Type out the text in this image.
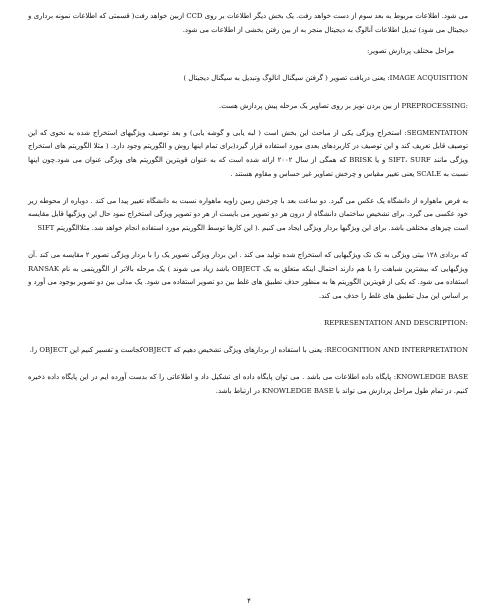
می شود. اطلاعات مربوط به بعد سوم از دست خواهد رفت. یک بخش دیگر اطلاعات بر روی CCD ازبین خواهد رفت( قسمتی که اطلاعات نمونه برداری و دیجیتال می شود) تبدیل اطلاعات آنالوگ به دیجیتال منجر به از بین رفتن بخشی از اطلاعات می شود.

مراحل مختلف پردازش تصویر:

IMAGE ACQUISITION: یعنی دریافت تصویر ( گرفتن سیگنال انالوگ وتبدیل به سیگنال دیجیتال )

:PREPROCESSING از بین بردن نویز بر روی تصاویر یک مرحله پیش پردازش هست.

SEGMENTATION: استخراج ویژگی یکی از مباحث این بخش است ( لبه یابی و گوشه یابی) و بعد توصیف ویژگیهای استخراج شده به نحوی که این توصیف قابل تعریف کند و این توصیف در کاربردهای بعدی مورد استفاده قرار گیرد(برای تمام اینها روش و الگوریتم وجود دارد. ( مثلا الگوریتم های استخراج ویژگی مانند SIFT، SURF و یا BRISK که همگی از سال ۲۰۰۲ ارائه شده است که به عنوان قویترین الگوریتم های ویژگی عنوان می شود.چون اینها نسبت به SCALE یعنی تغییر مقیاس و چرخش تصاویر غیر حساس و مقاوم هستند .

به فرض ماهواره از دانشگاه یک عکس می گیرد. دو ساعت بعد با چرخش زمین زاویه ماهواره نسبت به دانشگاه تغییر پیدا می کند . دوباره از محوطه زیر خود عکسی می گیرد. برای تشخیص ساختمان دانشگاه از درون هر دو تصویر می بایست از هر دو تصویر ویژگی استخراج نمود حال این ویژگیها قابل مقایسه است چیزهای مختلفی باشد. برای این ویژگیها بردار ویژگی ایجاد می کنیم .( این کارها توسط الگوریتم مورد استفاده انجام خواهد شد. مثلاالگوریتم SIFT

که بردادی ۱۲۸ بیتی ویژگی به تک تک ویژگیهایی که استخراج شده تولید می کند . این بردار ویژگی تصویر یک را با بردار ویژگی تصویر ۲ مقایسه می کند .آن ویژگیهایی که بیشترین شباهت را با هم دارند احتمال اینکه متعلق به یک OBJECT باشد زیاد می شوند ) یک مرحله بالاتر از الگوریتمی به نام RANSAK استفاده می شود. که یکی از قویترین الگوریتم ها به منظور حذف تطبیق های غلط بین دو تصویر استفاده می شود. یک مدلی بین دو تصویر بوجود می آورد و بر اساس این مدل تطبیق های غلط را حذف می کند.

:REPRESENTATION AND DESCRIPTION

RECOGNITION AND INTERPRETATION: یعنی با استفاده از بردارهای ویژگی تشخیص دهیم که OBJECTکجاست و تفسیر کنیم این OBJECT را.

KNOWLEDGE BASE: پایگاه داده اطلاعات می باشد . می توان پایگاه داده ای تشکیل داد و اطلاعاتی را که بدست آورده ایم در این پایگاه داده ذخیره کنیم. در تمام طول مراحل پردازش می تواند با KNOWLEDGE BASE در ارتباط باشد.

۴
